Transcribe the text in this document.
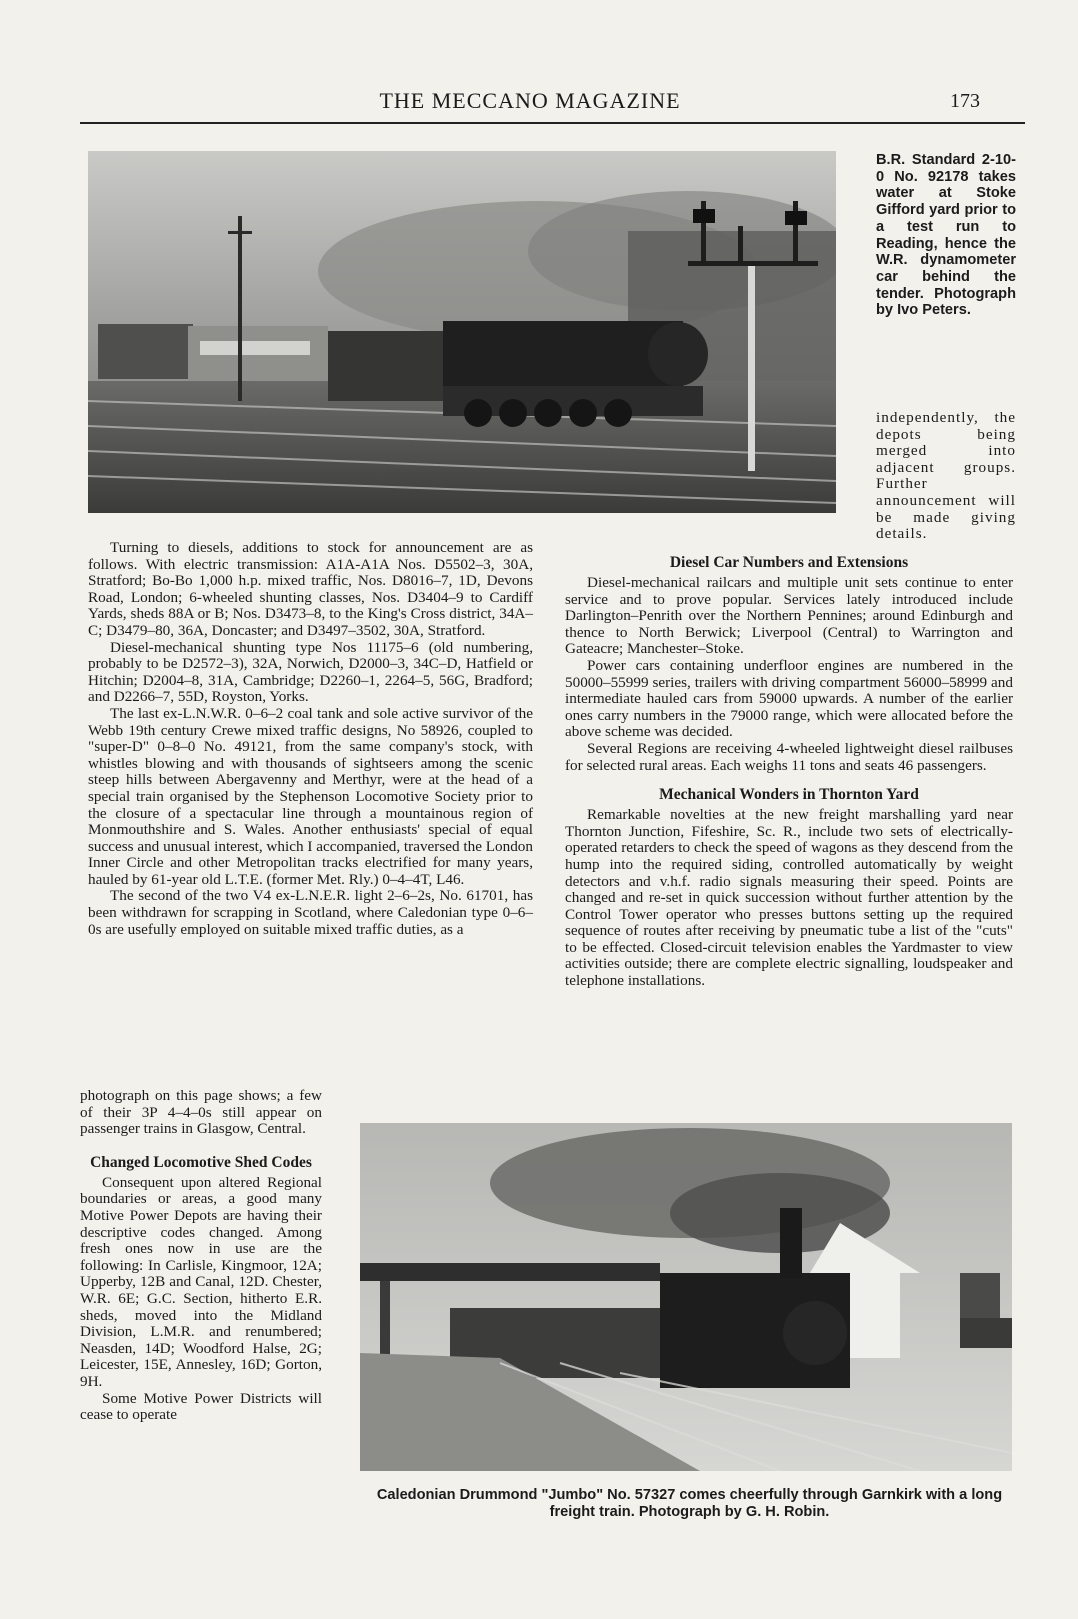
THE MECCANO MAGAZINE	173
B.R. Standard 2-10-0 No. 92178 takes water at Stoke Gifford yard prior to a test run to Reading, hence the W.R. dynamometer car behind the tender. Photograph by Ivo Peters.
independently, the depots being merged into adjacent groups. Further announcement will be made giving details.

Turning to diesels, additions to stock for announcement are as follows. With electric transmission: A1A-A1A Nos. D5502–3, 30A, Stratford; Bo-Bo 1,000 h.p. mixed traffic, Nos. D8016–7, 1D, Devons Road, London; 6-wheeled shunting classes, Nos. D3404–9 to Cardiff Yards, sheds 88A or B; Nos. D3473–8, to the King's Cross district, 34A–C; D3479–80, 36A, Doncaster; and D3497–3502, 30A, Stratford.

Diesel-mechanical shunting type Nos 11175–6 (old numbering, probably to be D2572–3), 32A, Norwich, D2000–3, 34C–D, Hatfield or Hitchin; D2004–8, 31A, Cambridge; D2260–1, 2264–5, 56G, Bradford; and D2266–7, 55D, Royston, Yorks.

The last ex-L.N.W.R. 0–6–2 coal tank and sole active survivor of the Webb 19th century Crewe mixed traffic designs, No 58926, coupled to "super-D" 0–8–0 No. 49121, from the same company's stock, with whistles blowing and with thousands of sightseers among the scenic steep hills between Abergavenny and Merthyr, were at the head of a special train organised by the Stephenson Locomotive Society prior to the closure of a spectacular line through a mountainous region of Monmouthshire and S. Wales. Another enthusiasts' special of equal success and unusual interest, which I accompanied, traversed the London Inner Circle and other Metropolitan tracks electrified for many years, hauled by 61-year old L.T.E. (former Met. Rly.) 0–4–4T, L46.

The second of the two V4 ex-L.N.E.R. light 2–6–2s, No. 61701, has been withdrawn for scrapping in Scotland, where Caledonian type 0–6–0s are usefully employed on suitable mixed traffic duties, as a

photograph on this page shows; a few of their 3P 4–4–0s still appear on passenger trains in Glasgow, Central.

Changed Locomotive Shed Codes

Consequent upon altered Regional boundaries or areas, a good many Motive Power Depots are having their descriptive codes changed. Among fresh ones now in use are the following: In Carlisle, Kingmoor, 12A; Upperby, 12B and Canal, 12D. Chester, W.R. 6E; G.C. Section, hitherto E.R. sheds, moved into the Midland Division, L.M.R. and renumbered; Neasden, 14D; Woodford Halse, 2G; Leicester, 15E, Annesley, 16D; Gorton, 9H.

Some Motive Power Districts will cease to operate

Diesel Car Numbers and Extensions

Diesel-mechanical railcars and multiple unit sets continue to enter service and to prove popular. Services lately introduced include Darlington–Penrith over the Northern Pennines; around Edinburgh and thence to North Berwick; Liverpool (Central) to Warrington and Gateacre; Manchester–Stoke.

Power cars containing underfloor engines are numbered in the 50000–55999 series, trailers with driving compartment 56000–58999 and intermediate hauled cars from 59000 upwards. A number of the earlier ones carry numbers in the 79000 range, which were allocated before the above scheme was decided.

Several Regions are receiving 4-wheeled lightweight diesel railbuses for selected rural areas. Each weighs 11 tons and seats 46 passengers.

Mechanical Wonders in Thornton Yard

Remarkable novelties at the new freight marshalling yard near Thornton Junction, Fifeshire, Sc. R., include two sets of electrically-operated retarders to check the speed of wagons as they descend from the hump into the required siding, controlled automatically by weight detectors and v.h.f. radio signals measuring their speed. Points are changed and re-set in quick succession without further attention by the Control Tower operator who presses buttons setting up the required sequence of routes after receiving by pneumatic tube a list of the "cuts" to be effected. Closed-circuit television enables the Yardmaster to view activities outside; there are complete electric signalling, loudspeaker and telephone installations.

Caledonian Drummond "Jumbo" No. 57327 comes cheerfully through Garnkirk with a long freight train. Photograph by G. H. Robin.
